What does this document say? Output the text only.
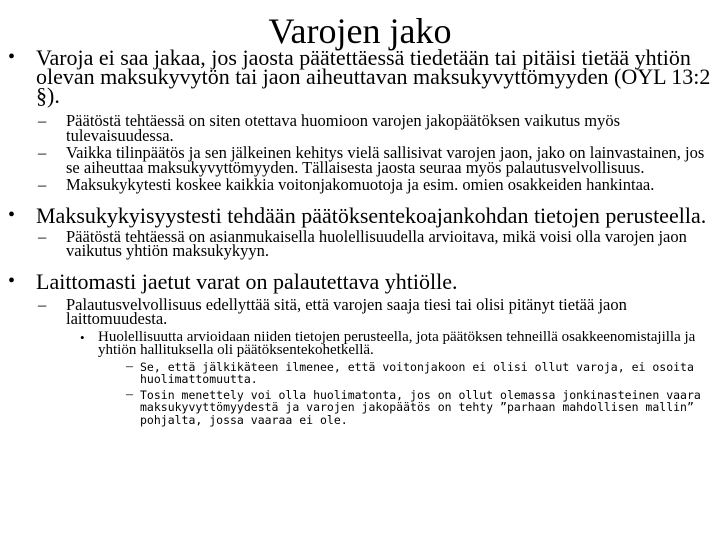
Varojen jako
• Varoja ei saa jakaa, jos jaosta päätettäessä tiedetään tai pitäisi tietää yhtiön olevan maksukyvytön tai jaon aiheuttavan maksukyvyttömyyden (OYL 13:2 §).
– Päätöstä tehtäessä on siten otettava huomioon varojen jakopäätöksen vaikutus myös tulevaisuudessa.
– Vaikka tilinpäätös ja sen jälkeinen kehitys vielä sallisivat varojen jaon, jako on lainvastainen, jos se aiheuttaa maksukyvyttömyyden. Tällaisesta jaosta seuraa myös palautusvelvollisuus.
– Maksukykytesti koskee kaikkia voitonjakomuotoja ja esim. omien osakkeiden hankintaa.
• Maksukykyisyystesti tehdään päätöksentekoajankohdan tietojen perusteella.
– Päätöstä tehtäessä on asianmukaisella huolellisuudella arvioitava, mikä voisi olla varojen jaon vaikutus yhtiön maksukykyyn.
• Laittomasti jaetut varat on palautettava yhtiölle.
– Palautusvelvollisuus edellyttää sitä, että varojen saaja tiesi tai olisi pitänyt tietää jaon laittomuudesta.
• Huolellisuutta arvioidaan niiden tietojen perusteella, jota päätöksen tehneillä osakkeenomistajilla ja yhtiön hallituksella oli päätöksentekohetkellä.
– Se, että jälkikäteen ilmenee, että voitonjakoon ei olisi ollut varoja, ei osoita huolimattomuutta.
– Tosin menettely voi olla huolimatonta, jos on ollut olemassa jonkinasteinen vaara maksukyvyttömyydestä ja varojen jakopäätös on tehty ”parhaan mahdollisen mallin” pohjalta, jossa vaaraa ei ole.
